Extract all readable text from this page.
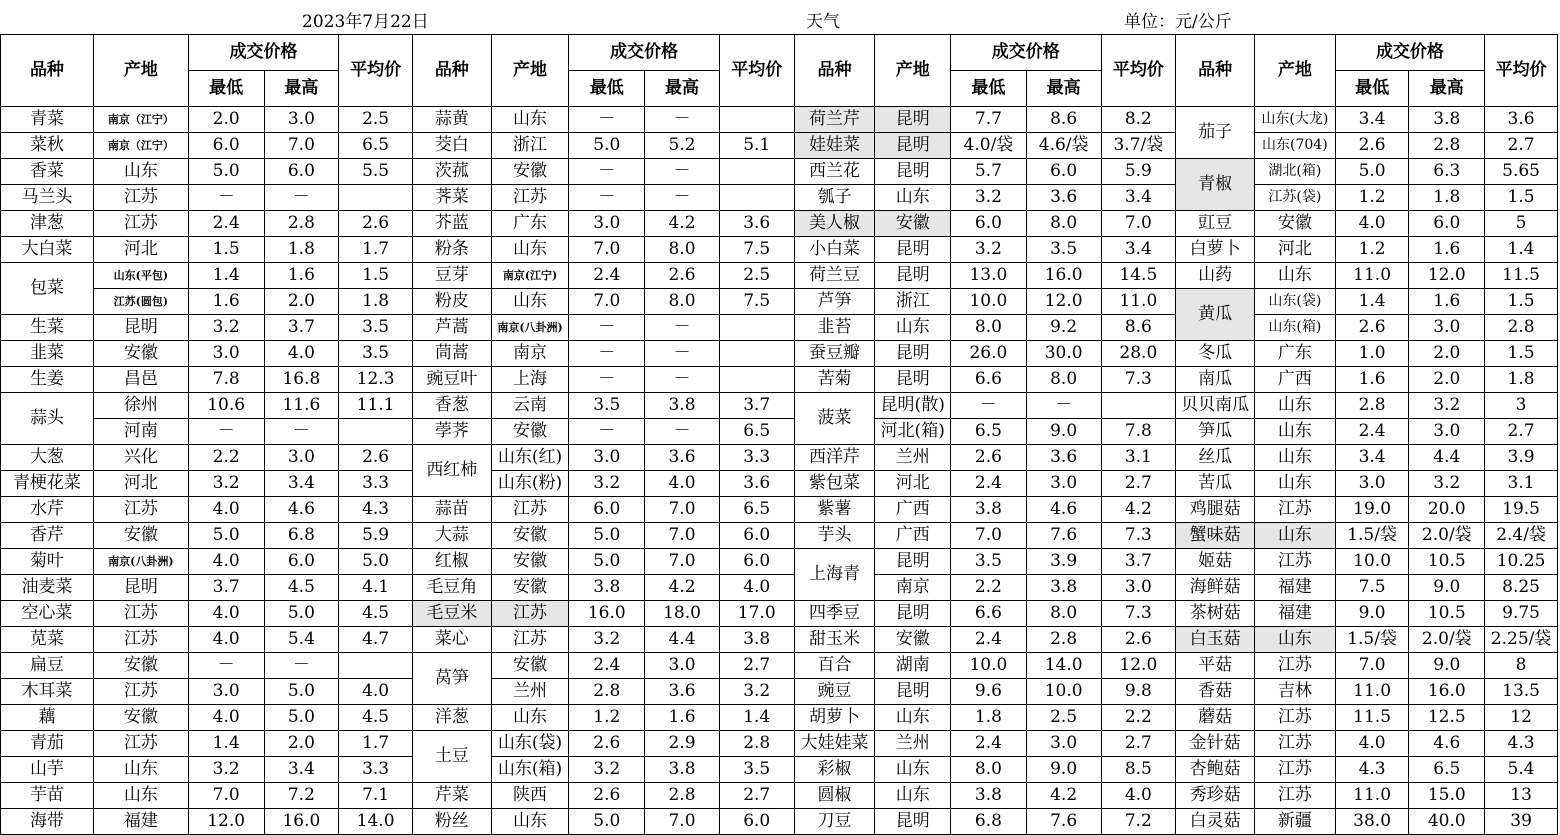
2023年7月22日	天气	单位：元/公斤
品种	产地	成交价格		平均价	品种	产地	成交价格		平均价	品种	产地	成交价格		平均价	品种	产地	成交价格		平均价
		最低	最高				最低	最高				最低	最高				最低	最高	
青菜	南京（江宁）	2.0	3.0	2.5	蒜黄	山东	－	－		荷兰芹	昆明	7.7	8.6	8.2	茄子	山东(大龙)	3.4	3.8	3.6
菜秋	南京（江宁）	6.0	7.0	6.5	茭白	浙江	5.0	5.2	5.1	娃娃菜	昆明	4.0/袋	4.6/袋	3.7/袋		山东(704)	2.6	2.8	2.7
香菜	山东	5.0	6.0	5.5	茨菰	安徽	－	－		西兰花	昆明	5.7	6.0	5.9	青椒	湖北(箱)	5.0	6.3	5.65
马兰头	江苏	－	－		荠菜	江苏	－	－		瓠子	山东	3.2	3.6	3.4		江苏(袋)	1.2	1.8	1.5
津葱	江苏	2.4	2.8	2.6	芥蓝	广东	3.0	4.2	3.6	美人椒	安徽	6.0	8.0	7.0	豇豆	安徽	4.0	6.0	5
大白菜	河北	1.5	1.8	1.7	粉条	山东	7.0	8.0	7.5	小白菜	昆明	3.2	3.5	3.4	白萝卜	河北	1.2	1.6	1.4
包菜	山东(平包)	1.4	1.6	1.5	豆芽	南京(江宁)	2.4	2.6	2.5	荷兰豆	昆明	13.0	16.0	14.5	山药	山东	11.0	12.0	11.5
	江苏(圆包)	1.6	2.0	1.8	粉皮	山东	7.0	8.0	7.5	芦笋	浙江	10.0	12.0	11.0	黄瓜	山东(袋)	1.4	1.6	1.5
生菜	昆明	3.2	3.7	3.5	芦蒿	南京(八卦洲)	－	－		韭苔	山东	8.0	9.2	8.6		山东(箱)	2.6	3.0	2.8
韭菜	安徽	3.0	4.0	3.5	茼蒿	南京	－	－		蚕豆瓣	昆明	26.0	30.0	28.0	冬瓜	广东	1.0	2.0	1.5
生姜	昌邑	7.8	16.8	12.3	豌豆叶	上海	－	－		苦菊	昆明	6.6	8.0	7.3	南瓜	广西	1.6	2.0	1.8
蒜头	徐州	10.6	11.6	11.1	香葱	云南	3.5	3.8	3.7	菠菜	昆明(散)	－	－		贝贝南瓜	山东	2.8	3.2	3
	河南	－	－		荸荠	安徽	－	－	6.5		河北(箱)	6.5	9.0	7.8	笋瓜	山东	2.4	3.0	2.7
大葱	兴化	2.2	3.0	2.6	西红柿	山东(红)	3.0	3.6	3.3	西洋芹	兰州	2.6	3.6	3.1	丝瓜	山东	3.4	4.4	3.9
青梗花菜	河北	3.2	3.4	3.3		山东(粉)	3.2	4.0	3.6	紫包菜	河北	2.4	3.0	2.7	苦瓜	山东	3.0	3.2	3.1
水芹	江苏	4.0	4.6	4.3	蒜苗	江苏	6.0	7.0	6.5	紫薯	广西	3.8	4.6	4.2	鸡腿菇	江苏	19.0	20.0	19.5
香芹	安徽	5.0	6.8	5.9	大蒜	安徽	5.0	7.0	6.0	芋头	广西	7.0	7.6	7.3	蟹味菇	山东	1.5/袋	2.0/袋	2.4/袋
菊叶	南京(八卦洲)	4.0	6.0	5.0	红椒	安徽	5.0	7.0	6.0	上海青	昆明	3.5	3.9	3.7	姬菇	江苏	10.0	10.5	10.25
油麦菜	昆明	3.7	4.5	4.1	毛豆角	安徽	3.8	4.2	4.0		南京	2.2	3.8	3.0	海鲜菇	福建	7.5	9.0	8.25
空心菜	江苏	4.0	5.0	4.5	毛豆米	江苏	16.0	18.0	17.0	四季豆	昆明	6.6	8.0	7.3	茶树菇	福建	9.0	10.5	9.75
苋菜	江苏	4.0	5.4	4.7	菜心	江苏	3.2	4.4	3.8	甜玉米	安徽	2.4	2.8	2.6	白玉菇	山东	1.5/袋	2.0/袋	2.25/袋
扁豆	安徽	－	－		莴笋	安徽	2.4	3.0	2.7	百合	湖南	10.0	14.0	12.0	平菇	江苏	7.0	9.0	8
木耳菜	江苏	3.0	5.0	4.0		兰州	2.8	3.6	3.2	豌豆	昆明	9.6	10.0	9.8	香菇	吉林	11.0	16.0	13.5
藕	安徽	4.0	5.0	4.5	洋葱	山东	1.2	1.6	1.4	胡萝卜	山东	1.8	2.5	2.2	蘑菇	江苏	11.5	12.5	12
青茄	江苏	1.4	2.0	1.7	土豆	山东(袋)	2.6	2.9	2.8	大娃娃菜	兰州	2.4	3.0	2.7	金针菇	江苏	4.0	4.6	4.3
山芋	山东	3.2	3.4	3.3		山东(箱)	3.2	3.8	3.5	彩椒	山东	8.0	9.0	8.5	杏鲍菇	江苏	4.3	6.5	5.4
芋苗	山东	7.0	7.2	7.1	芹菜	陕西	2.6	2.8	2.7	圆椒	山东	3.8	4.2	4.0	秀珍菇	江苏	11.0	15.0	13
海带	福建	12.0	16.0	14.0	粉丝	山东	5.0	7.0	6.0	刀豆	昆明	6.8	7.6	7.2	白灵菇	新疆	38.0	40.0	39
